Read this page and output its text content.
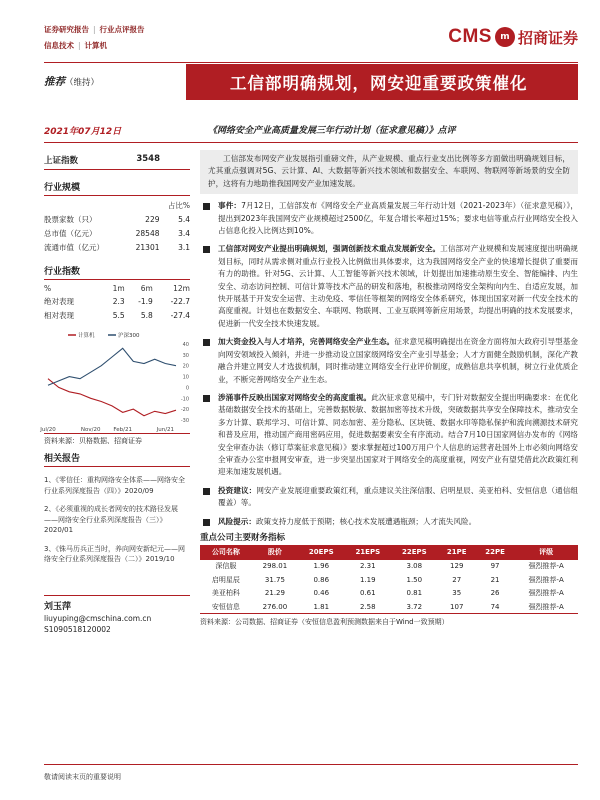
证券研究报告 | 行业点评报告
信息技术 | 计算机	CMS m 招商证券
推荐（维持）	工信部明确规划，网安迎重要政策催化
2021年07月12日	《网络安全产业高质量发展三年行动计划（征求意见稿）》点评
上证指数	3548
行业规模
		占比%
股票家数（只）	229	5.4
总市值（亿元）	28548	3.4
流通市值（亿元）	21301	3.1
行业指数
%	1m	6m	12m
绝对表现	2.3	-1.9	-22.7
相对表现	5.5	5.8	-27.4
40
30
20
10
0
-10
-20
-30
Jul/20	Nov/20 Feb/21	Jun/21
计算机	沪深300
资料来源：贝格数据、招商证券
相关报告
1、《零信任：重构网络安全体系——网络安全行业系列深度报告（四）》2020/09
2、《必须重视的成长者网安的技术路径发展——网络安全行业系列深度报告（三）》2020/01
3、《铢马历兵正当时，养向网安新纪元——网络安全行业系列深度报告（二）》2019/10
刘玉萍
liuyuping@cmschina.com.cn
S1090518120002
工信部发布网安产业发展指引重磅文件，从产业规模、重点行业支出比例等多方面做出明确规划目标，尤其重点强调对5G、云计算、AI、大数据等新兴技术领域和数据安全、车联网、物联网等新场景的安全防护，这将有力地助推我国网安产业加速发展。
事件：7月12日，工信部发布《网络安全产业高质量发展三年行动计划（2021-2023年）（征求意见稿）》，提出到2023年我国网安产业规模超过2500亿，年复合增长率超过15%；要求电信等重点行业网络安全投入占信息化投入比例达到10%。
工信部对网安产业提出明确规划，强调创新技术重点发展新安全。工信部对产业规模和发展速度提出明确规划目标，同时从需求侧对重点行业投入比例做出具体要求，这为我国网络安全产业的快速增长提供了重要而有力的助推。针对5G、云计算、人工智能等新兴技术领域，计划提出加速推动原生安全、智能编排、内生安全、动态访问控制、可信计算等技术产品的研发和落地，积极推动网络安全架构向内生、自适应发展，加快开展基于开发安全运营、主动免疫、零信任等框架的网络安全体系研究，体现出国家对新一代安全技术的高度重视。计划也在数据安全、车联网、物联网、工业互联网等新应用场景，均提出明确的技术发展要求，促进新一代安全技术快速发展。
加大资金投入与人才培养，完善网络安全产业生态。征求意见稿明确提出在资金方面将加大政府引导型基金向网安领域投入倾斜，并进一步推动设立国家级网络安全产业引导基金；人才方面健全鼓励机制，深化产教融合并建立网安人才选拔机制，同时推动建立网络安全行业评价制度，成熟信息共享机制，树立行业优质企业，不断完善网络安全产业生态。
涉涌事件反映出国家对网络安全的高度重视。此次征求意见稿中，专门针对数据安全提出明确要求：在优化基础数据安全技术的基础上，完善数据脱敏、数据加密等技术升级，突破数据共享安全保障技术，推动安全多方计算、联邦学习、可信计算、同态加密、差分隐私、区块链、数据水印等隐私保护和流向溯源技术研究和普及应用，推动国产商用密码应用，促进数据要素安全有序流动。结合7月10日国家网信办发布的《网络安全审查办法（修订草案征求意见稿）》要求掌握超过100万用户个人信息的运营者赴国外上市必须向网络安全审查办公室申报网安审查，进一步突显出国家对于网络安全的高度重视，网安产业有望凭借此次政策红利迎来加速发展机遇。
投资建议：网安产业发展迎重要政策红利，重点建议关注深信服、启明星辰、美亚柏科、安恒信息（通信组覆盖）等。
风险提示：政策支持力度低于预期；核心技术发展遭遇瓶颈；人才流失风险。
重点公司主要财务指标
公司名称	股价	20EPS	21EPS	22EPS	21PE	22PE	评级
深信服	298.01	1.96	2.31	3.08	129	97	强烈推荐-A
启明星辰	31.75	0.86	1.19	1.50	27	21	强烈推荐-A
美亚柏科	21.29	0.46	0.61	0.81	35	26	强烈推荐-A
安恒信息	276.00	1.81	2.58	3.72	107	74	强烈推荐-A
资料来源：公司数据、招商证券（安恒信息盈利预测数据来自于Wind一致预期）
敬请阅读末页的重要说明
